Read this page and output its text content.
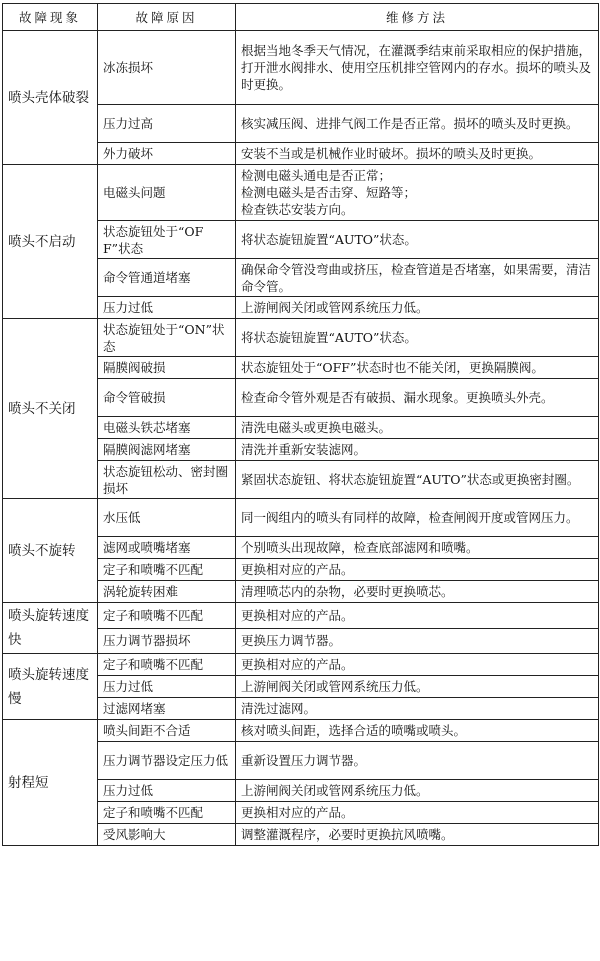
故障现象	故障原因	维修方法
喷头壳体破裂	冰冻损坏	根据当地冬季天气情况，在灌溉季结束前采取相应的保护措施，打开泄水阀排水、使用空压机排空管网内的存水。损坏的喷头及时更换。
	压力过高	核实减压阀、进排气阀工作是否正常。损坏的喷头及时更换。
	外力破坏	安装不当或是机械作业时破坏。损坏的喷头及时更换。
喷头不启动	电磁头问题	检测电磁头通电是否正常；
检测电磁头是否击穿、短路等；
检查铁芯安装方向。
	状态旋钮处于“OFF”状态	将状态旋钮旋置“AUTO”状态。
	命令管通道堵塞	确保命令管没弯曲或挤压，检查管道是否堵塞，如果需要，清洁命令管。
	压力过低	上游闸阀关闭或管网系统压力低。
喷头不关闭	状态旋钮处于“ON”状态	将状态旋钮旋置“AUTO”状态。
	隔膜阀破损	状态旋钮处于“OFF”状态时也不能关闭，更换隔膜阀。
	命令管破损	检查命令管外观是否有破损、漏水现象。更换喷头外壳。
	电磁头铁芯堵塞	清洗电磁头或更换电磁头。
	隔膜阀滤网堵塞	清洗并重新安装滤网。
	状态旋钮松动、密封圈损坏	紧固状态旋钮、将状态旋钮旋置“AUTO”状态或更换密封圈。
喷头不旋转	水压低	同一阀组内的喷头有同样的故障，检查闸阀开度或管网压力。
	滤网或喷嘴堵塞	个别喷头出现故障，检查底部滤网和喷嘴。
	定子和喷嘴不匹配	更换相对应的产品。
	涡轮旋转困难	清理喷芯内的杂物，必要时更换喷芯。
喷头旋转速度快	定子和喷嘴不匹配	更换相对应的产品。
	压力调节器损坏	更换压力调节器。
喷头旋转速度慢	定子和喷嘴不匹配	更换相对应的产品。
	压力过低	上游闸阀关闭或管网系统压力低。
	过滤网堵塞	清洗过滤网。
射程短	喷头间距不合适	核对喷头间距，选择合适的喷嘴或喷头。
	压力调节器设定压力低	重新设置压力调节器。
	压力过低	上游闸阀关闭或管网系统压力低。
	定子和喷嘴不匹配	更换相对应的产品。
	受风影响大	调整灌溉程序，必要时更换抗风喷嘴。
